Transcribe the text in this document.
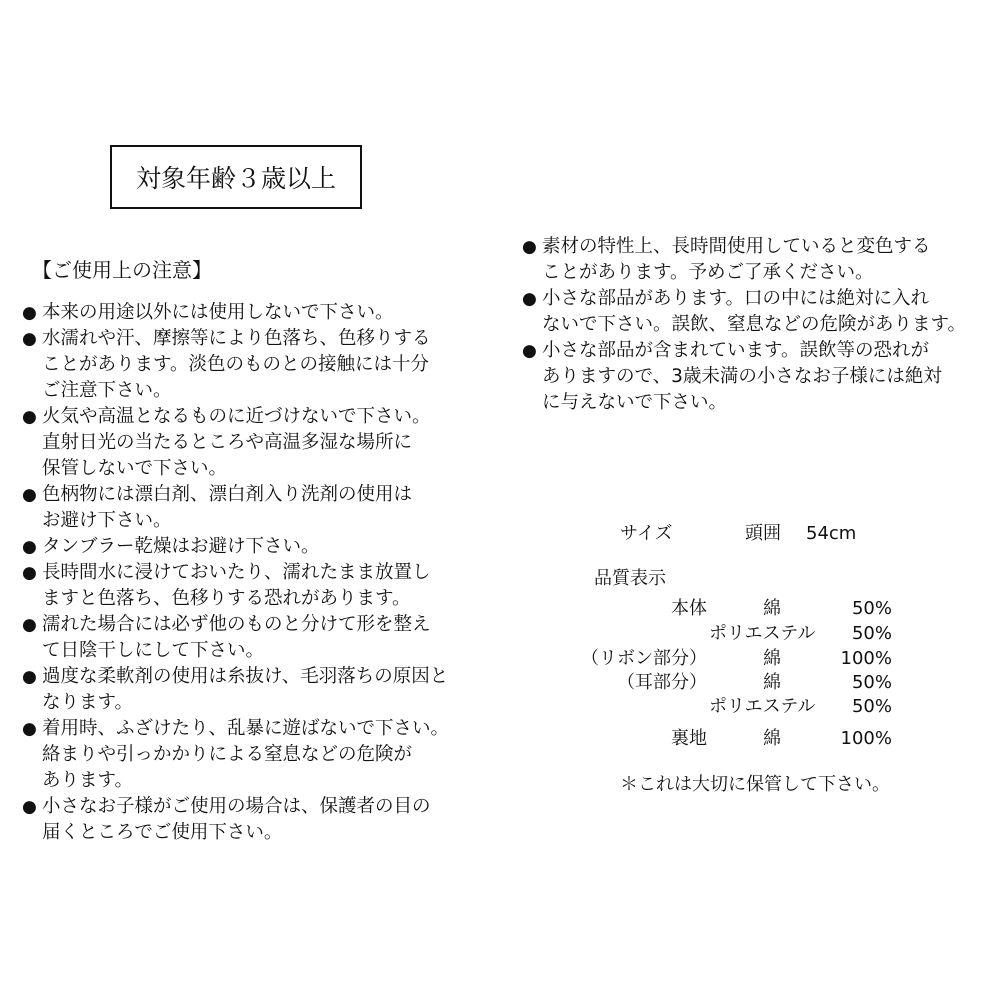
対象年齢３歳以上
【ご使用上の注意】
● 本来の用途以外には使用しないで下さい。
● 水濡れや汗、摩擦等により色落ち、色移りする
ことがあります。淡色のものとの接触には十分
ご注意下さい。
● 火気や高温となるものに近づけないで下さい。
直射日光の当たるところや高温多湿な場所に
保管しないで下さい。
● 色柄物には漂白剤、漂白剤入り洗剤の使用は
お避け下さい。
● タンブラー乾燥はお避け下さい。
● 長時間水に浸けておいたり、濡れたまま放置し
ますと色落ち、色移りする恐れがあります。
● 濡れた場合には必ず他のものと分けて形を整え
て日陰干しにして下さい。
● 過度な柔軟剤の使用は糸抜け、毛羽落ちの原因と
なります。
● 着用時、ふざけたり、乱暴に遊ばないで下さい。
絡まりや引っかかりによる窒息などの危険が
あります。
● 小さなお子様がご使用の場合は、保護者の目の
届くところでご使用下さい。
● 素材の特性上、長時間使用していると変色する
ことがあります。予めご了承ください。
● 小さな部品があります。口の中には絶対に入れ
ないで下さい。誤飲、窒息などの危険があります。
● 小さな部品が含まれています。誤飲等の恐れが
ありますので、3歳未満の小さなお子様には絶対
に与えないで下さい。
サイズ	頭囲 54cm
品質表示
本体	綿	50%
ポリエステル 50%
（リボン部分）	綿	100%
（耳部分）	綿	50%
ポリエステル 50%
裏地	綿	100%
＊これは大切に保管して下さい。
